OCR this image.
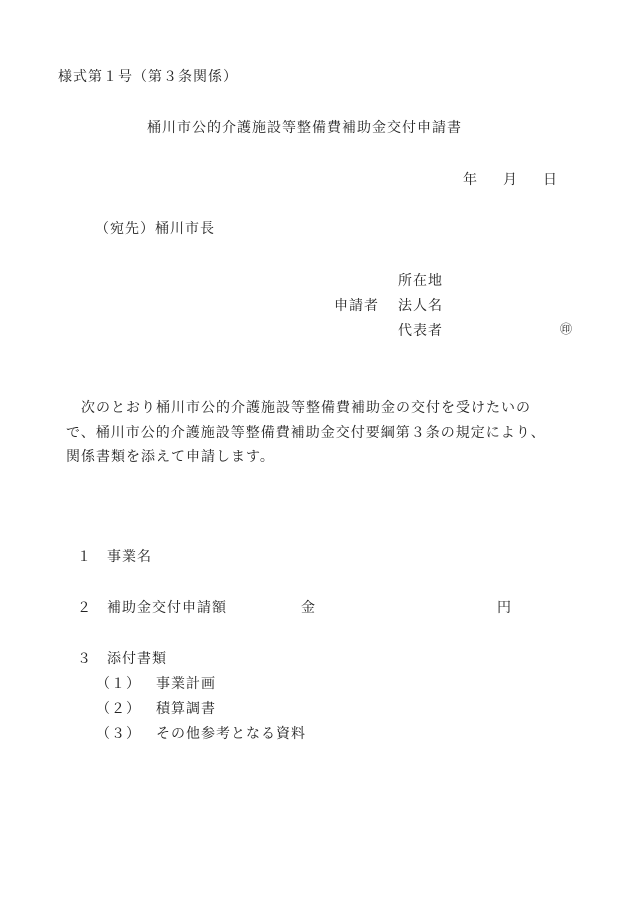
様式第１号（第３条関係）
桶川市公的介護施設等整備費補助金交付申請書
年 月 日
（宛先）桶川市長
所在地
申請者 法人名
代表者	㊞

　次のとおり桶川市公的介護施設等整備費補助金の交付を受けたいの

で、桶川市公的介護施設等整備費補助金交付要綱第３条の規定により、

関係書類を添えて申請します。

１ 事業名
２ 補助金交付申請額	金	円
３ 添付書類
（１） 事業計画
（２） 積算調書
（３） その他参考となる資料
